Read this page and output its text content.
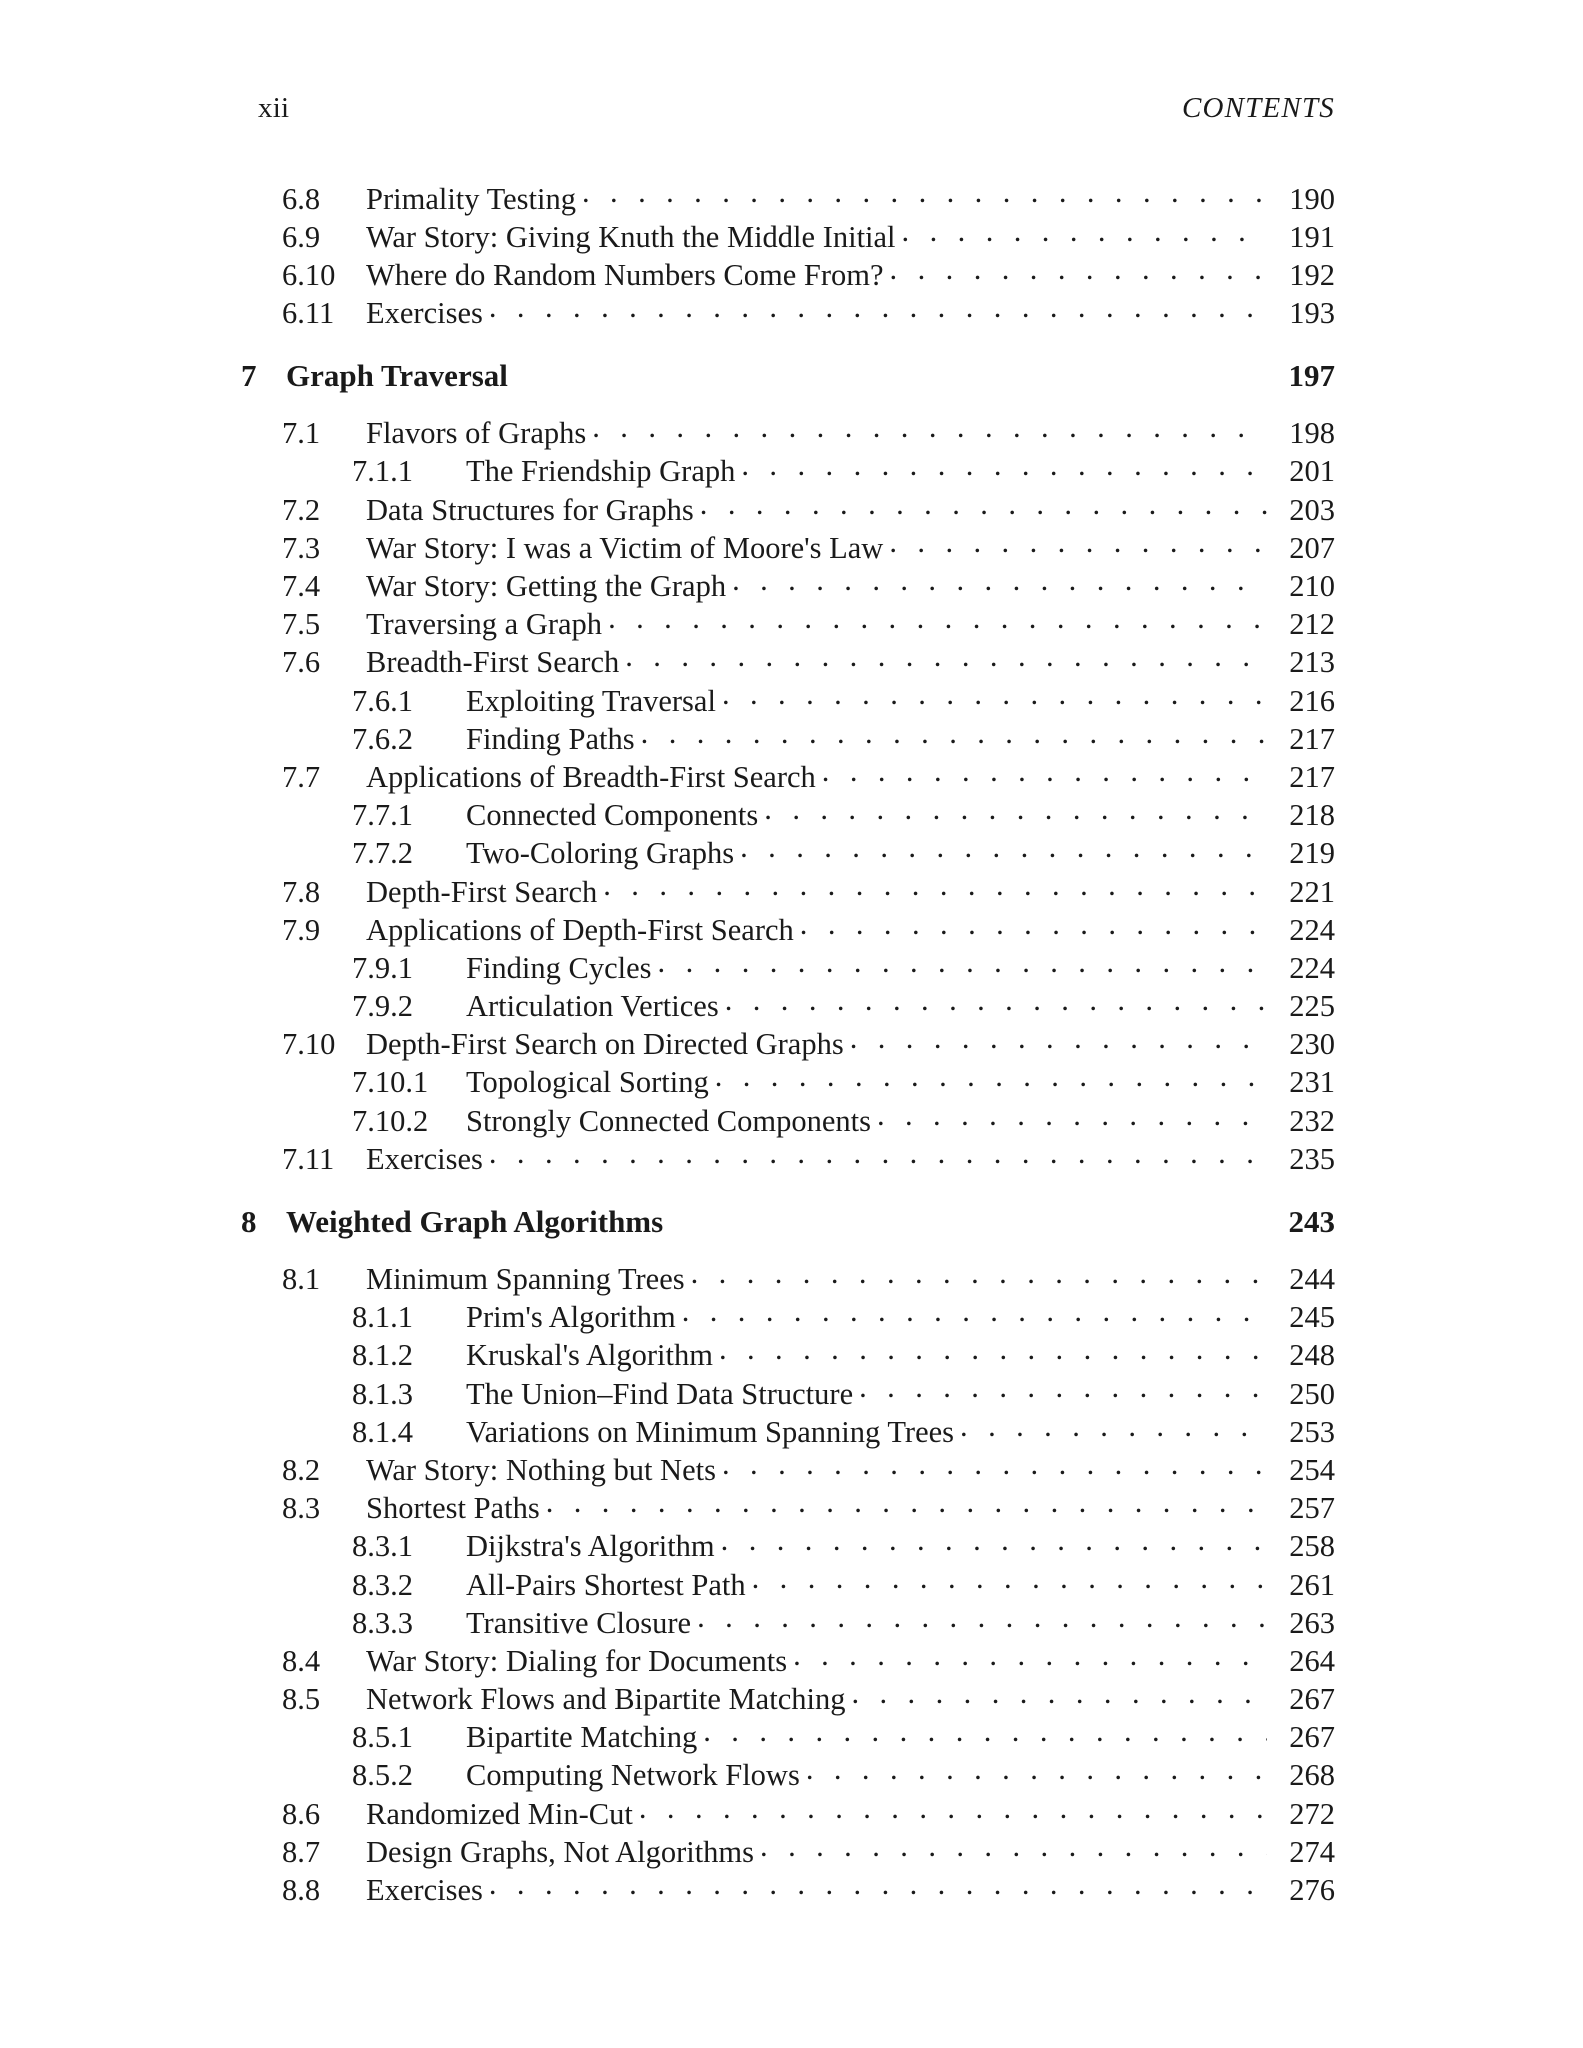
xii	CONTENTS
6.8	Primality Testing . . .	190
6.9	War Story: Giving Knuth the Middle Initial . . .	191
6.10	Where do Random Numbers Come From? . . .	192
6.11	Exercises . . .	193
7 Graph Traversal	197
7.1	Flavors of Graphs . . .	198
7.1.1	The Friendship Graph . . .	201
7.2	Data Structures for Graphs . . .	203
7.3	War Story: I was a Victim of Moore's Law . . .	207
7.4	War Story: Getting the Graph . . .	210
7.5	Traversing a Graph . . .	212
7.6	Breadth-First Search . . .	213
7.6.1	Exploiting Traversal . . .	216
7.6.2	Finding Paths . . .	217
7.7	Applications of Breadth-First Search . . .	217
7.7.1	Connected Components . . .	218
7.7.2	Two-Coloring Graphs . . .	219
7.8	Depth-First Search . . .	221
7.9	Applications of Depth-First Search . . .	224
7.9.1	Finding Cycles . . .	224
7.9.2	Articulation Vertices . . .	225
7.10	Depth-First Search on Directed Graphs . . .	230
7.10.1	Topological Sorting . . .	231
7.10.2	Strongly Connected Components . . .	232
7.11	Exercises . . .	235
8 Weighted Graph Algorithms	243
8.1	Minimum Spanning Trees . . .	244
8.1.1	Prim's Algorithm . . .	245
8.1.2	Kruskal's Algorithm . . .	248
8.1.3	The Union–Find Data Structure . . .	250
8.1.4	Variations on Minimum Spanning Trees . . .	253
8.2	War Story: Nothing but Nets . . .	254
8.3	Shortest Paths . . .	257
8.3.1	Dijkstra's Algorithm . . .	258
8.3.2	All-Pairs Shortest Path . . .	261
8.3.3	Transitive Closure . . .	263
8.4	War Story: Dialing for Documents . . .	264
8.5	Network Flows and Bipartite Matching . . .	267
8.5.1	Bipartite Matching . . .	267
8.5.2	Computing Network Flows . . .	268
8.6	Randomized Min-Cut . . .	272
8.7	Design Graphs, Not Algorithms . . .	274
8.8	Exercises . . .	276
